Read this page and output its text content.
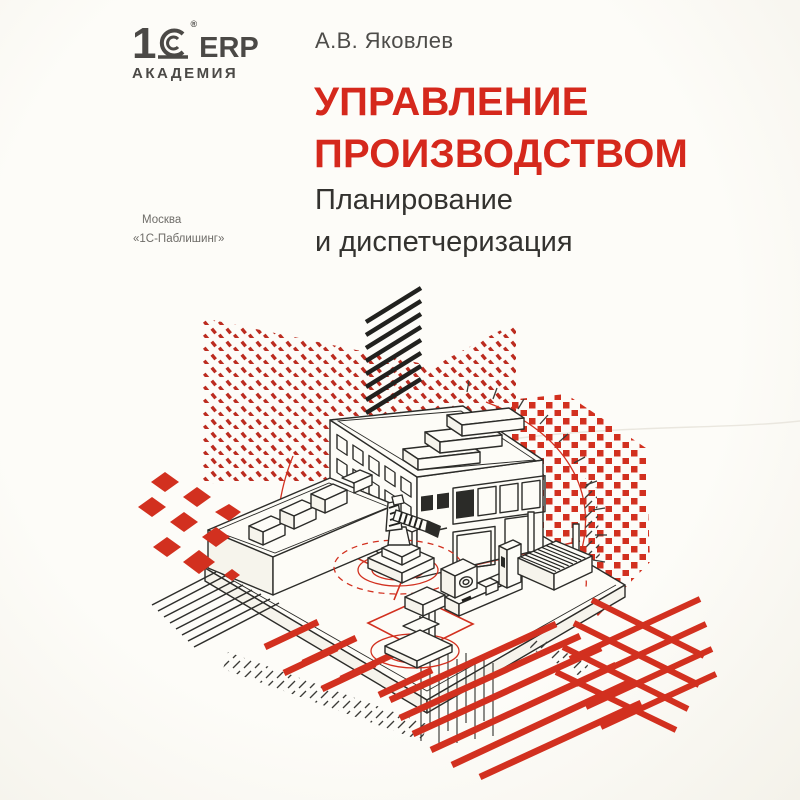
1	®ERP
АКАДЕМИЯ
А.В. Яковлев
УПРАВЛЕНИЕ
ПРОИЗВОДСТВОМ
Планирование
и диспетчеризация
Москва
«1С-Паблишинг»
